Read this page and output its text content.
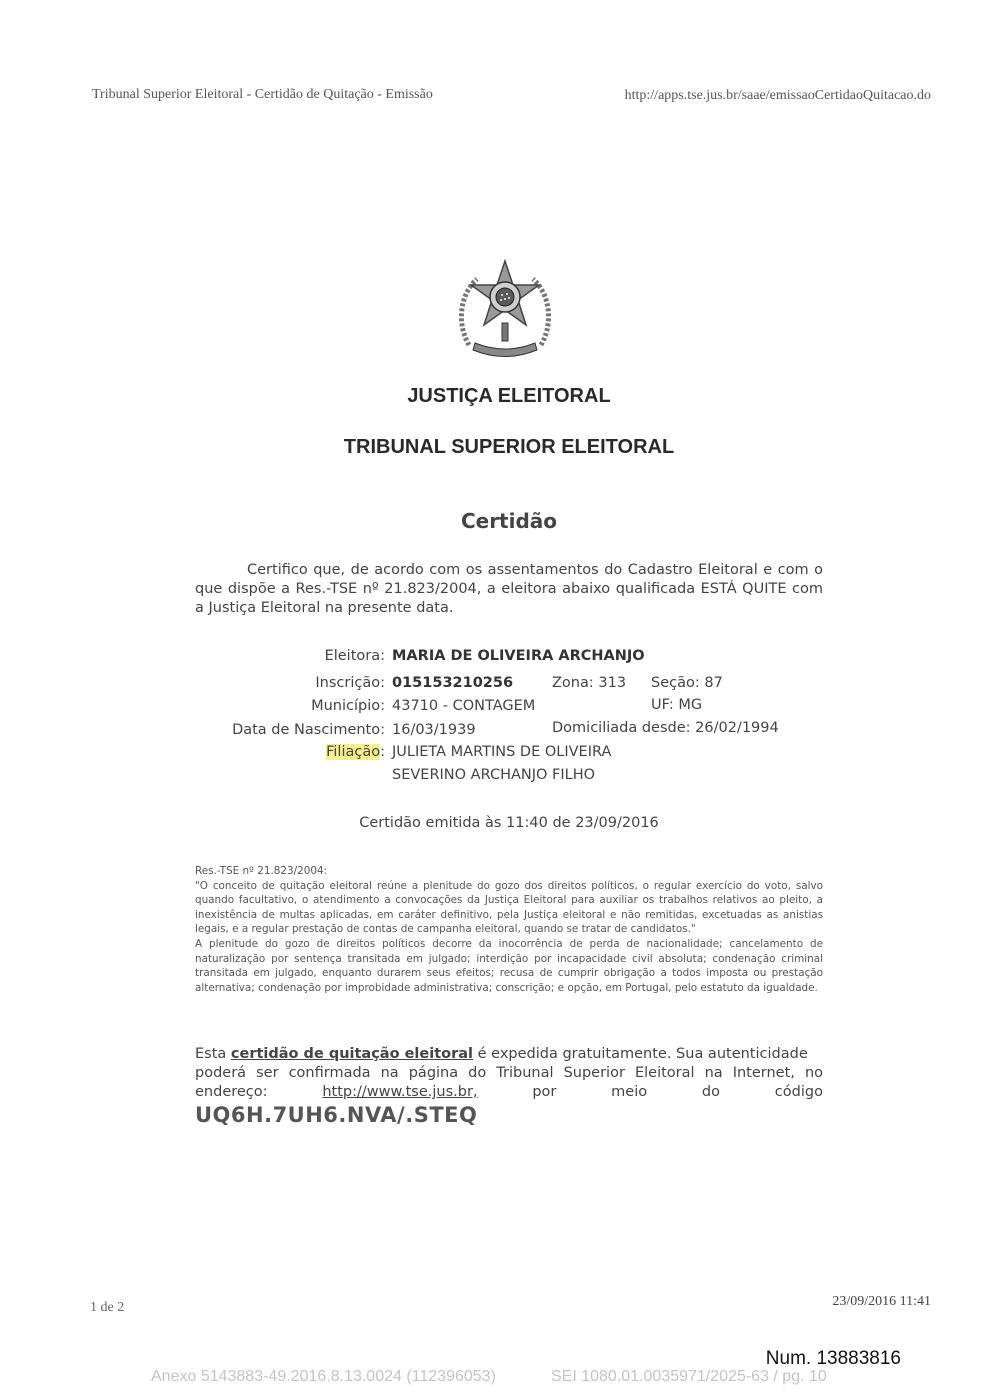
Tribunal Superior Eleitoral - Certidão de Quitação - Emissão	http://apps.tse.jus.br/saae/emissaoCertidaoQuitacao.do
JUSTIÇA ELEITORAL
TRIBUNAL SUPERIOR ELEITORAL
Certidão
Certifico que, de acordo com os assentamentos do Cadastro Eleitoral e com o que dispõe a Res.-TSE nº 21.823/2004, a eleitora abaixo qualificada ESTÁ QUITE com a Justiça Eleitoral na presente data.
Eleitora: MARIA DE OLIVEIRA ARCHANJO
Inscrição: 015153210256	Zona: 313 Seção: 87
Município: 43710 - CONTAGEM	UF: MG
Data de Nascimento: 16/03/1939	Domiciliada desde: 26/02/1994
Filiação: JULIETA MARTINS DE OLIVEIRA
SEVERINO ARCHANJO FILHO
Certidão emitida às 11:40 de 23/09/2016

Res.-TSE nº 21.823/2004:

"O conceito de quitação eleitoral reúne a plenitude do gozo dos direitos políticos, o regular exercício do voto, salvo quando facultativo, o atendimento a convocações da Justiça Eleitoral para auxiliar os trabalhos relativos ao pleito, a inexistência de multas aplicadas, em caráter definitivo, pela Justiça eleitoral e não remitidas, excetuadas as anistias legais, e a regular prestação de contas de campanha eleitoral, quando se tratar de candidatos."

A plenitude do gozo de direitos políticos decorre da inocorrência de perda de nacionalidade; cancelamento de naturalização por sentença transitada em julgado; interdição por incapacidade civil absoluta; condenação criminal transitada em julgado, enquanto durarem seus efeitos; recusa de cumprir obrigação a todos imposta ou prestação alternativa; condenação por improbidade administrativa; conscrição; e opção, em Portugal, pelo estatuto da igualdade.

Esta certidão de quitação eleitoral é expedida gratuitamente. Sua autenticidade
poderá ser confirmada na página do Tribunal Superior Eleitoral na Internet, no
endereço:	http://www.tse.jus.br,	por	meio	do	código
UQ6H.7UH6.NVA/.STEQ
1 de 2	23/09/2016 11:41
Num. 13883816
Anexo 5143883-49.2016.8.13.0024 (112396053)	SEI 1080.01.0035971/2025-63 / pg. 10
